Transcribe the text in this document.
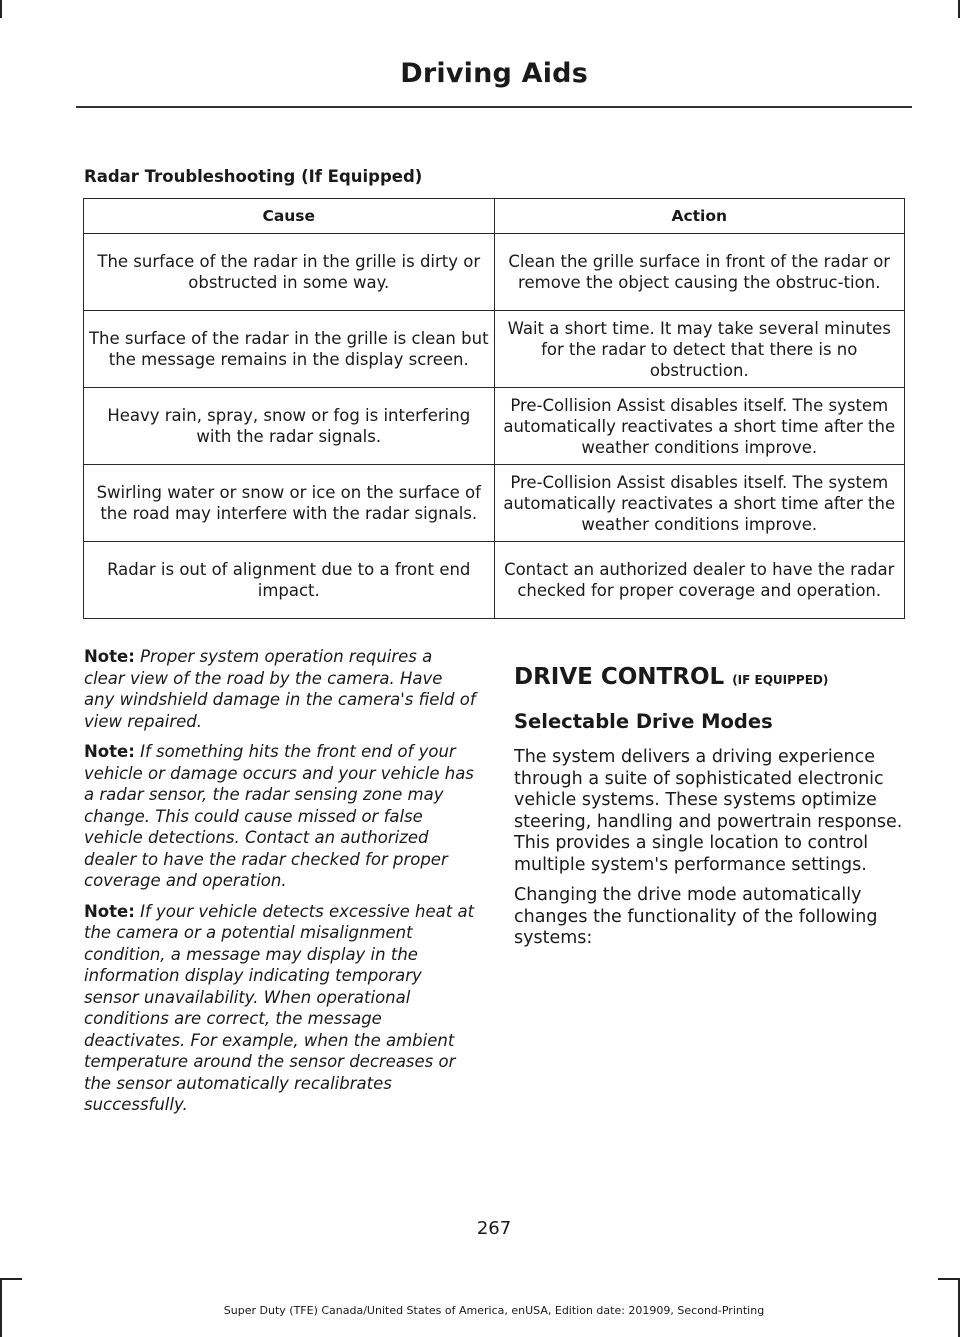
Driving Aids
Radar Troubleshooting (If Equipped)
Cause	Action
The surface of the radar in the grille is dirty or obstructed in some way.	Clean the grille surface in front of the radar or remove the object causing the obstruc-tion.
The surface of the radar in the grille is clean but the message remains in the display screen.	Wait a short time. It may take several minutes for the radar to detect that there is no obstruction.
Heavy rain, spray, snow or fog is interfering with the radar signals.	Pre-Collision Assist disables itself. The system automatically reactivates a short time after the weather conditions improve.
Swirling water or snow or ice on the surface of the road may interfere with the radar signals.	Pre-Collision Assist disables itself. The system automatically reactivates a short time after the weather conditions improve.
Radar is out of alignment due to a front end impact.	Contact an authorized dealer to have the radar checked for proper coverage and operation.

Note: Proper system operation requires a clear view of the road by the camera. Have any windshield damage in the camera's field of view repaired.

Note: If something hits the front end of your vehicle or damage occurs and your vehicle has a radar sensor, the radar sensing zone may change. This could cause missed or false vehicle detections. Contact an authorized dealer to have the radar checked for proper coverage and operation.

Note: If your vehicle detects excessive heat at the camera or a potential misalignment condition, a message may display in the information display indicating temporary sensor unavailability. When operational conditions are correct, the message deactivates. For example, when the ambient temperature around the sensor decreases or the sensor automatically recalibrates successfully.

DRIVE CONTROL (IF EQUIPPED)
Selectable Drive Modes

The system delivers a driving experience through a suite of sophisticated electronic vehicle systems. These systems optimize steering, handling and powertrain response. This provides a single location to control multiple system's performance settings.

Changing the drive mode automatically changes the functionality of the following systems:

267
Super Duty (TFE) Canada/United States of America, enUSA, Edition date: 201909, Second-Printing
